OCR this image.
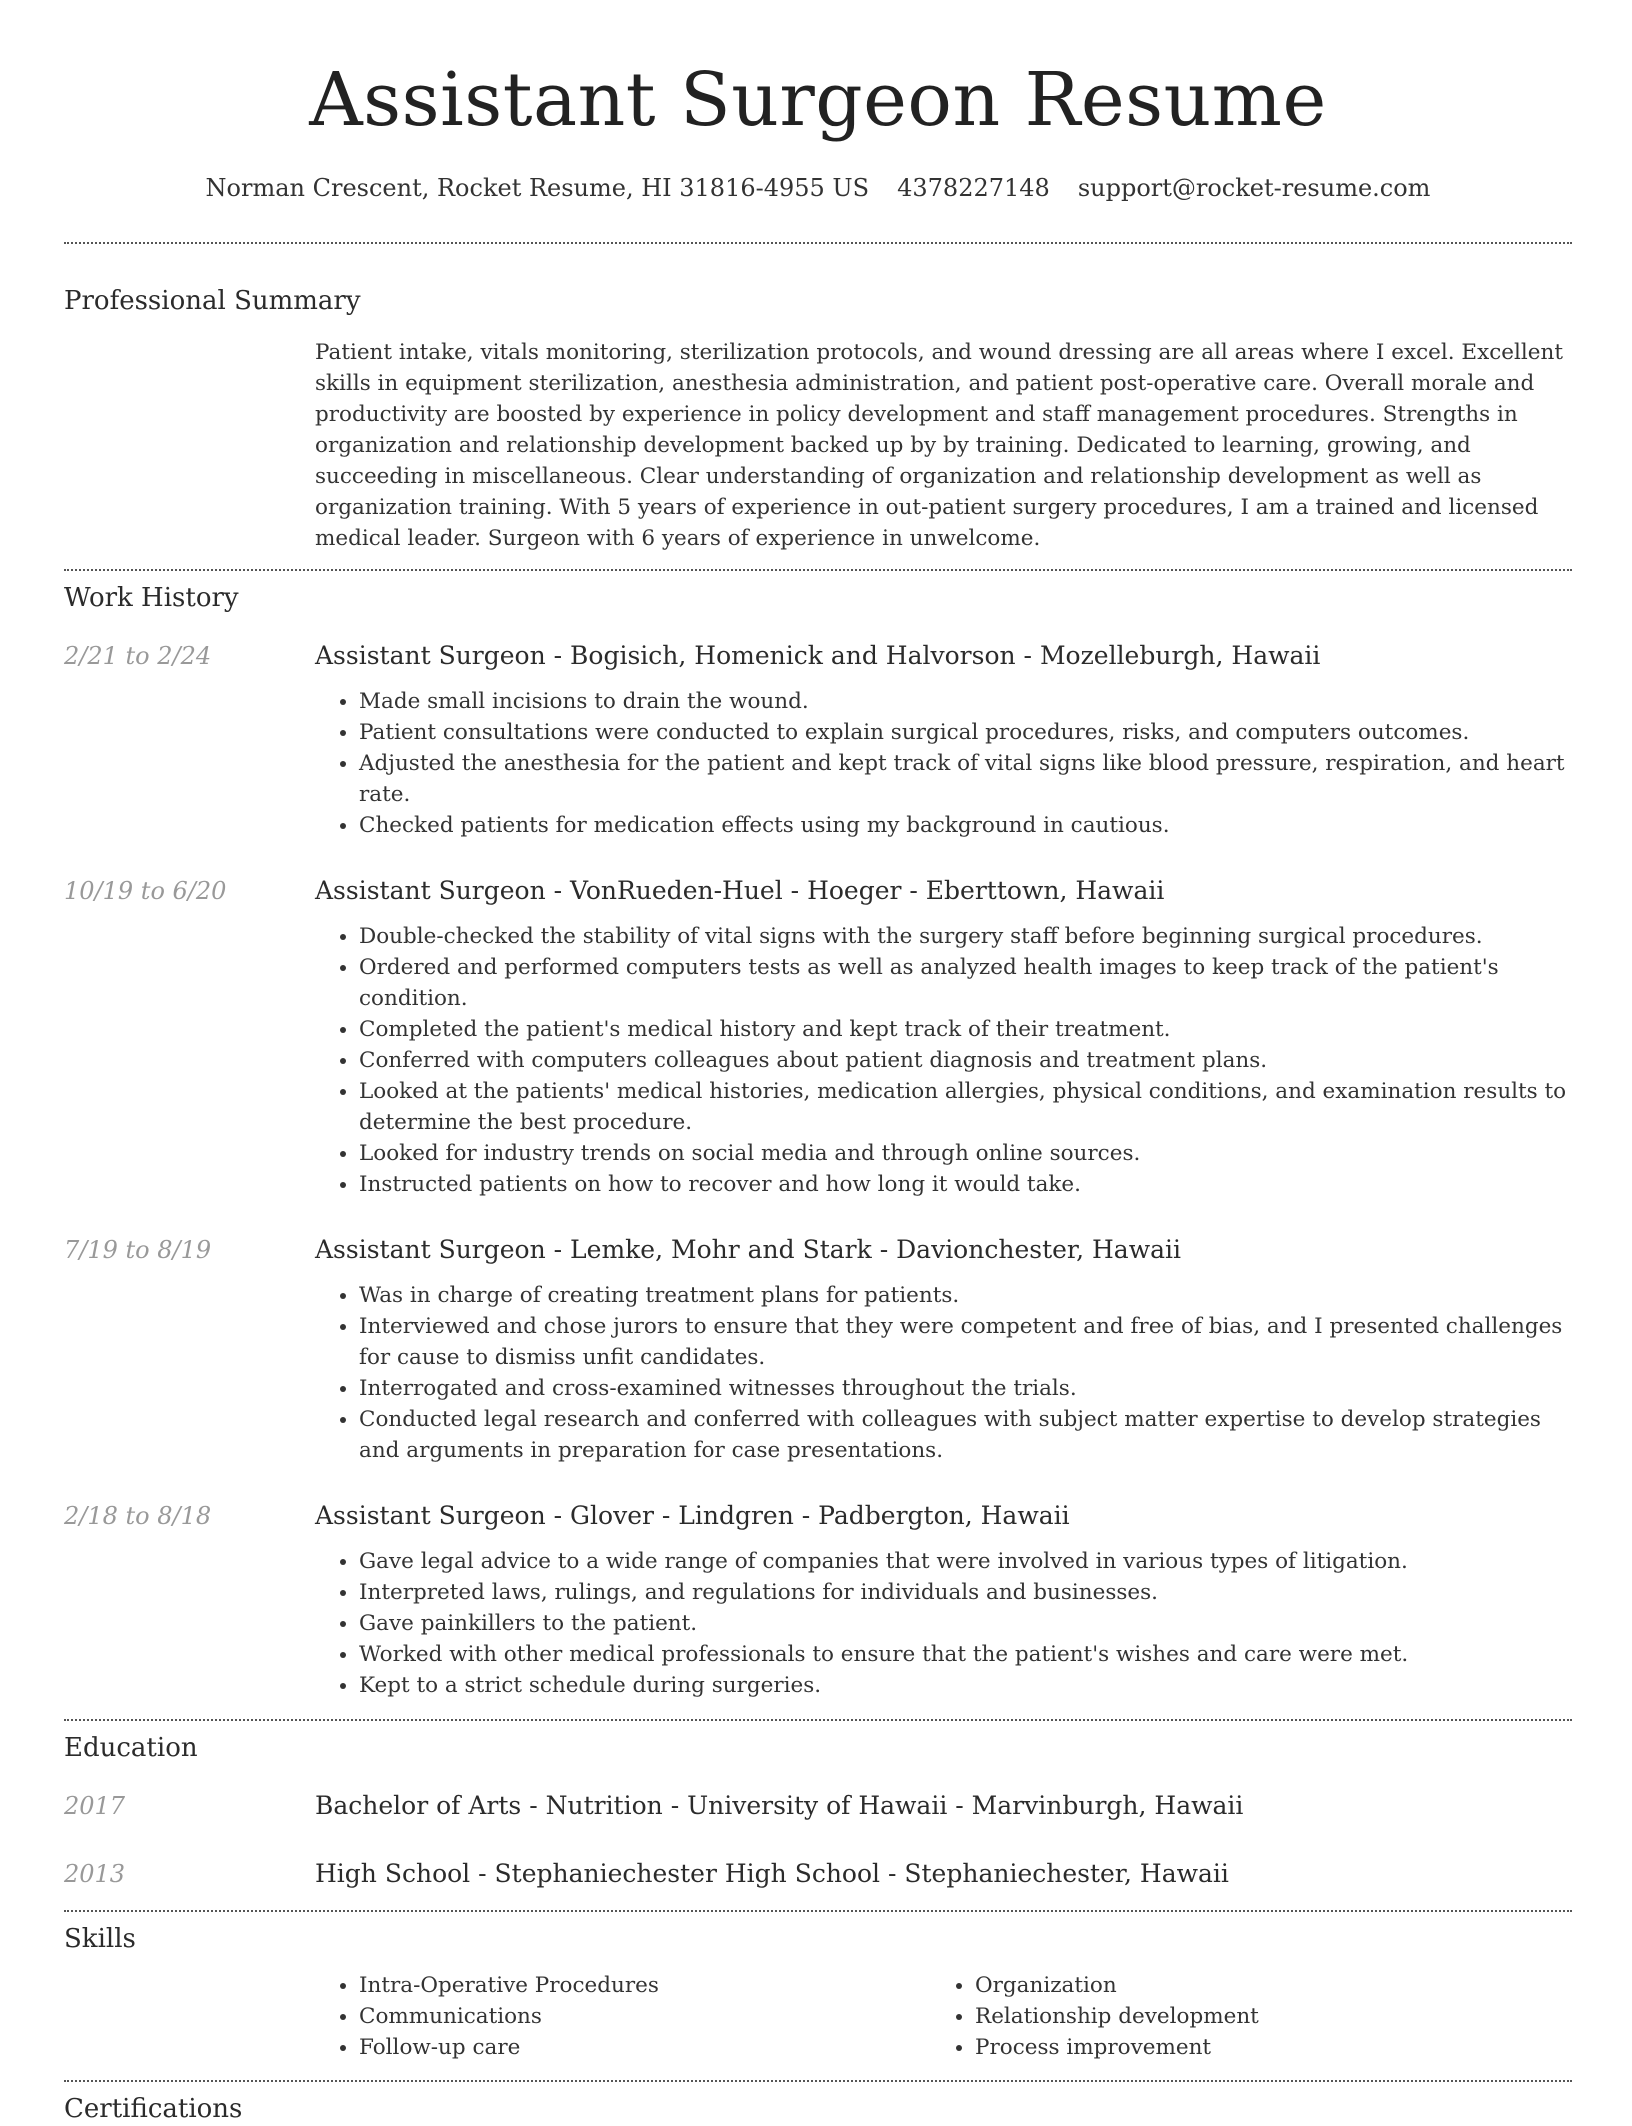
Assistant Surgeon Resume
Norman Crescent, Rocket Resume, HI 31816-4955 US 4378227148 support@rocket-resume.com
Professional Summary

Patient intake, vitals monitoring, sterilization protocols, and wound dressing are all areas where I excel. Excellent skills in equipment sterilization, anesthesia administration, and patient post-operative care. Overall morale and productivity are boosted by experience in policy development and staff management procedures. Strengths in organization and relationship development backed up by by training. Dedicated to learning, growing, and succeeding in miscellaneous. Clear understanding of organization and relationship development as well as organization training. With 5 years of experience in out-patient surgery procedures, I am a trained and licensed medical leader. Surgeon with 6 years of experience in unwelcome.

Work History
2/21 to 2/24	Assistant Surgeon - Bogisich, Homenick and Halvorson - Mozelleburgh, Hawaii
• Made small incisions to drain the wound.
• Patient consultations were conducted to explain surgical procedures, risks, and computers outcomes.
• Adjusted the anesthesia for the patient and kept track of vital signs like blood pressure, respiration, and heart rate.
• Checked patients for medication effects using my background in cautious.
10/19 to 6/20	Assistant Surgeon - VonRueden-Huel - Hoeger - Eberttown, Hawaii
• Double-checked the stability of vital signs with the surgery staff before beginning surgical procedures.
• Ordered and performed computers tests as well as analyzed health images to keep track of the patient's condition.
• Completed the patient's medical history and kept track of their treatment.
• Conferred with computers colleagues about patient diagnosis and treatment plans.
• Looked at the patients' medical histories, medication allergies, physical conditions, and examination results to determine the best procedure.
• Looked for industry trends on social media and through online sources.
• Instructed patients on how to recover and how long it would take.
7/19 to 8/19	Assistant Surgeon - Lemke, Mohr and Stark - Davionchester, Hawaii
• Was in charge of creating treatment plans for patients.
• Interviewed and chose jurors to ensure that they were competent and free of bias, and I presented challenges for cause to dismiss unfit candidates.
• Interrogated and cross-examined witnesses throughout the trials.
• Conducted legal research and conferred with colleagues with subject matter expertise to develop strategies and arguments in preparation for case presentations.
2/18 to 8/18	Assistant Surgeon - Glover - Lindgren - Padbergton, Hawaii
• Gave legal advice to a wide range of companies that were involved in various types of litigation.
• Interpreted laws, rulings, and regulations for individuals and businesses.
• Gave painkillers to the patient.
• Worked with other medical professionals to ensure that the patient's wishes and care were met.
• Kept to a strict schedule during surgeries.
Education
2017	Bachelor of Arts - Nutrition - University of Hawaii - Marvinburgh, Hawaii
2013	High School - Stephaniechester High School - Stephaniechester, Hawaii
Skills
• Intra-Operative Procedures
• Communications
• Follow-up care
• Organization
• Relationship development
• Process improvement
Certifications
